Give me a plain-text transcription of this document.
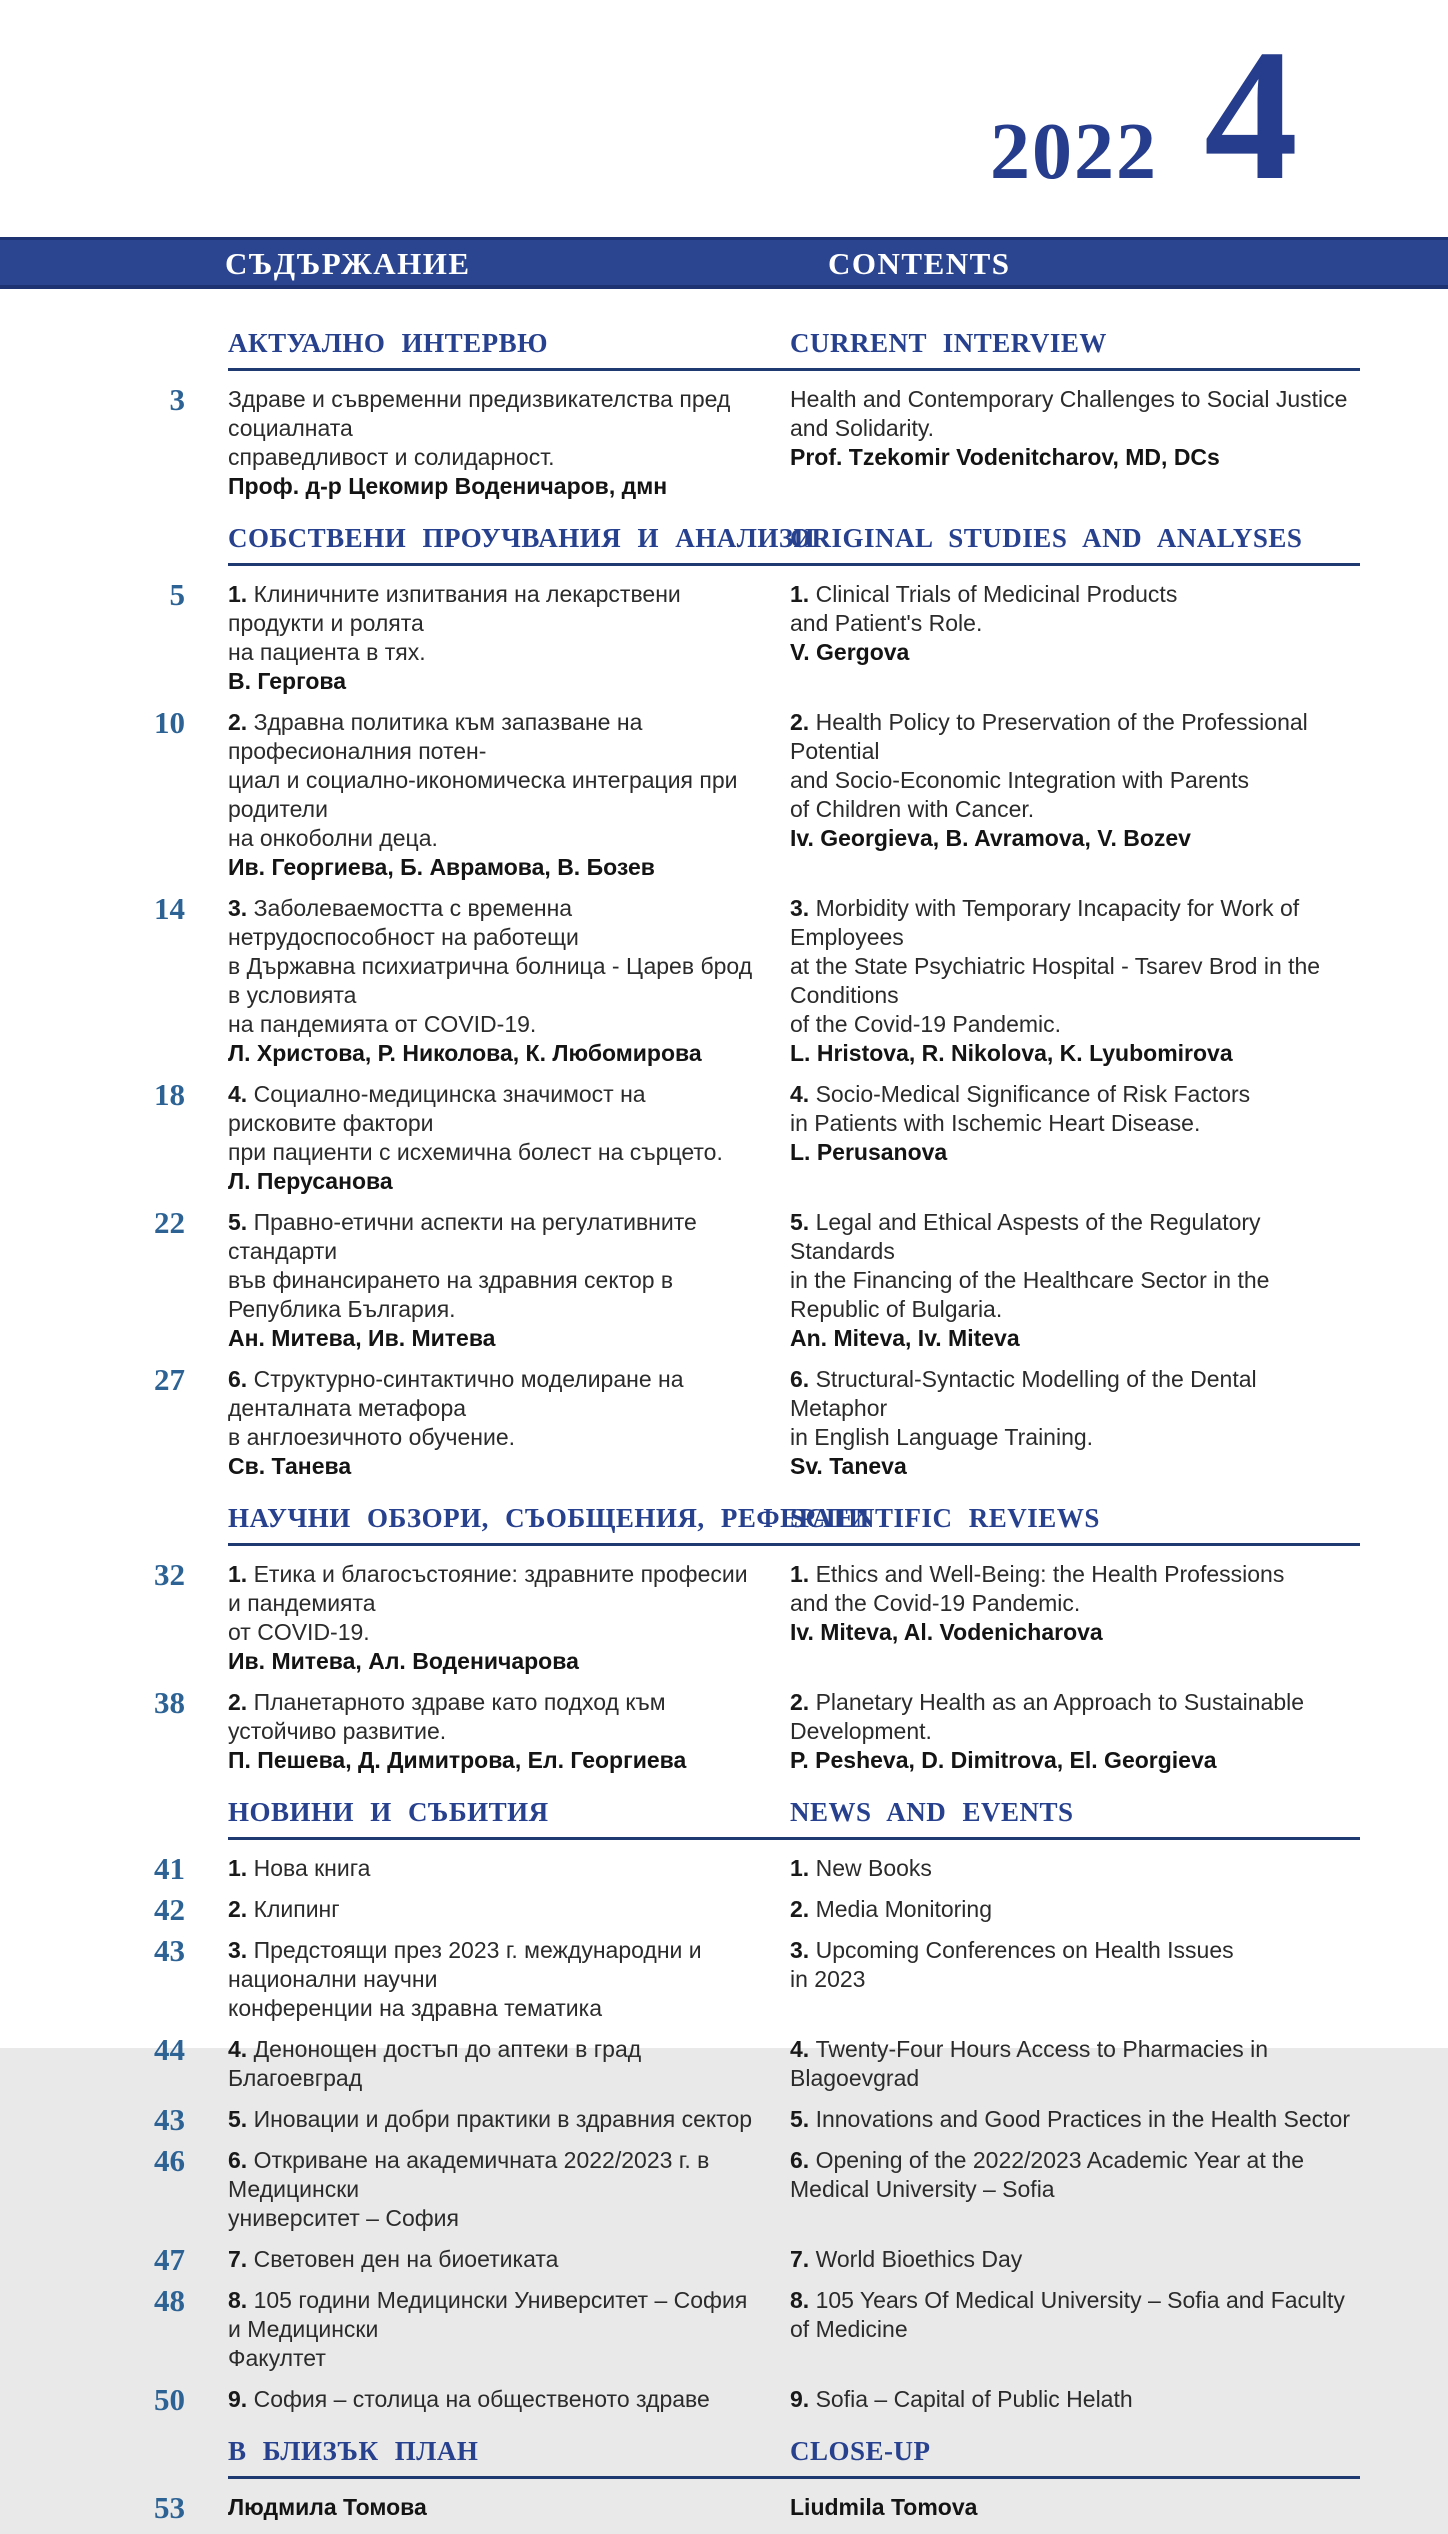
2022 4
СЪДЪРЖАНИЕ	CONTENTS
АКТУАЛНО ИНТЕРВЮ	CURRENT INTERVIEW
3 Здраве и съвременни предизвикателства пред социалната
справедливост и солидарност.
Проф. д-р Цекомир Воденичаров, дмн
Health and Contemporary Challenges to Social Justice
and Solidarity.
Prof. Tzekomir Vodenitcharov, MD, DCs
СОБСТВЕНИ ПРОУЧВАНИЯ И АНАЛИЗИ
ORIGINAL STUDIES AND ANALYSES
5 1. Клиничните изпитвания на лекарствени продукти и ролята
на пациента в тях.
В. Гергова
1. Clinical Trials of Medicinal Products
and Patient's Role.
V. Gergova
10 2. Здравна политика към запазване на професионалния потен-
циал и социално-икономическа интеграция при родители
на онкоболни деца.
Ив. Георгиева, Б. Аврамова, В. Бозев
2. Health Policy to Preservation of the Professional Potential
and Socio-Economic Integration with Parents
of Children with Cancer.
Iv. Georgieva, B. Avramova, V. Bozev
14 3. Заболеваемостта с временна нетрудоспособност на работещи
в Държавна психиатрична болница - Царев брод в условията
на пандемията от COVID-19.
Л. Христова, Р. Николова, К. Любомирова
3. Morbidity with Temporary Incapacity for Work of Employees
at the State Psychiatric Hospital - Tsarev Brod in the Conditions
of the Covid-19 Pandemic.
L. Hristova, R. Nikolova, K. Lyubomirova
18 4. Социално-медицинска значимост на рисковите фактори
при пациенти с исхемична болест на сърцето.
Л. Перусанова
4. Socio-Medical Significance of Risk Factors
in Patients with Ischemic Heart Disease.
L. Perusanova
22 5. Правно-етични аспекти на регулативните стандарти
във финансирането на здравния сектор в Република България.
Ан. Митева, Ив. Митева
5. Legal and Ethical Aspests of the Regulatory Standards
in the Financing of the Healthcare Sector in the Republic of Bulgaria.
An. Miteva, Iv. Miteva
27 6. Структурно-синтактично моделиране на денталната метафора
в англоезичното обучение.
Св. Танева
6. Structural-Syntactic Modelling of the Dental Metaphor
in English Language Training.
Sv. Taneva
НАУЧНИ ОБЗОРИ, СЪОБЩЕНИЯ, РЕФЕРАТИ
SCIENTIFIC REVIEWS
32 1. Етика и благосъстояние: здравните професии и пандемията
от COVID-19.
Ив. Митева, Ал. Воденичарова
1. Ethics and Well-Being: the Health Professions
and the Covid-19 Pandemic.
Iv. Miteva, Al. Vodenicharova
38 2. Планетарното здраве като подход към устойчиво развитие.
П. Пешева, Д. Димитрова, Ел. Георгиева
2. Planetary Health as an Approach to Sustainable Development.
P. Pesheva, D. Dimitrova, El. Georgieva
НОВИНИ И СЪБИТИЯ	NEWS AND EVENTS
41 1. Нова книга	1. New Books
42 2. Клипинг	2. Media Monitoring
43 3. Предстоящи през 2023 г. международни и национални научни
конференции на здравна тематика
3. Upcoming Conferences on Health Issues
in 2023
44 4. Денонощен достъп до аптеки в град Благоевград
4. Twenty-Four Hours Access to Pharmacies in Blagoevgrad
43 5. Иновации и добри практики в здравния сектор 5. Innovations and Good Practices in the Health Sector
46 6. Откриване на академичната 2022/2023 г. в Медицински
университет – София
6. Opening of the 2022/2023 Academic Year at the
Medical University – Sofia
47 7. Световен ден на биоетиката	7. World Bioethics Day
48 8. 105 години Медицински Университет – София и Медицински
Факултет
8. 105 Years Of Medical University – Sofia and Faculty
of Medicine
50 9. София – столица на общественото здраве	9. Sofia – Capital of Public Helath
В БЛИЗЪК ПЛАН	CLOSE-UP
53 Людмила Томова	Liudmila Tomova
